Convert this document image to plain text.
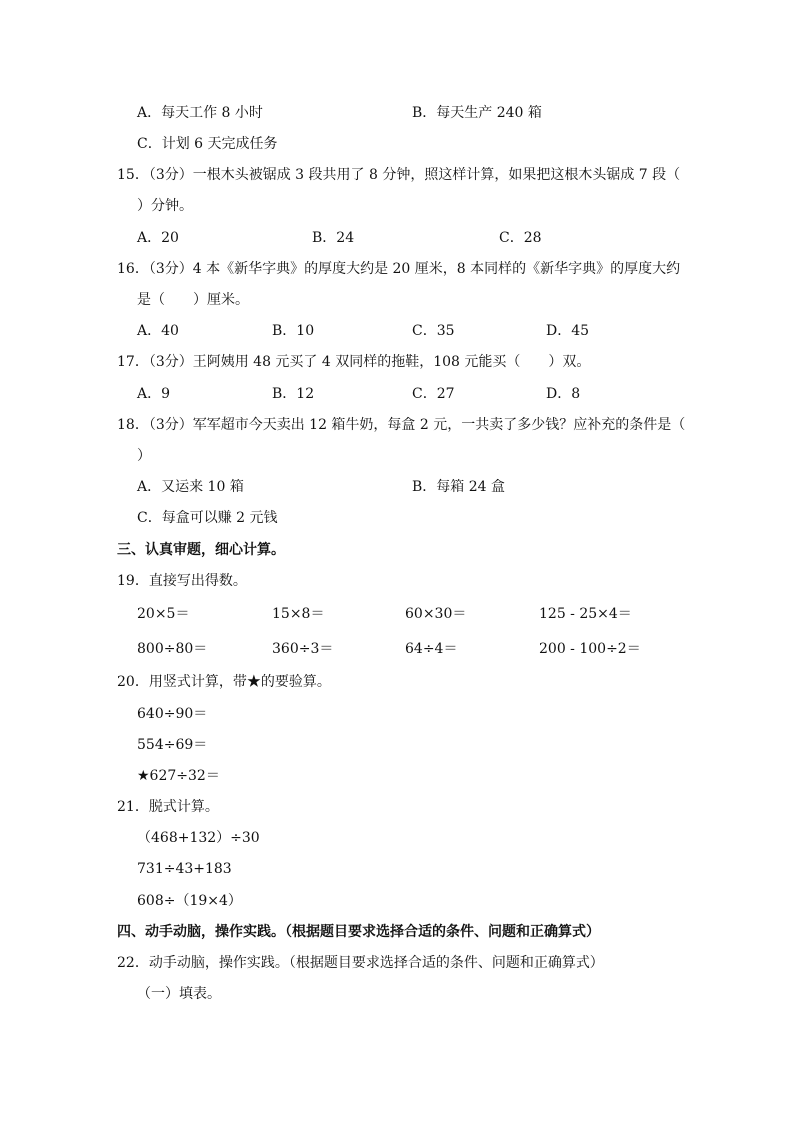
A．每天工作 8 小时	B．每天生产 240 箱
C．计划 6 天完成任务
15．（3分）一根木头被锯成 3 段共用了 8 分钟，照这样计算，如果把这根木头锯成 7 段（
）分钟。
A．20	B．24	C．28
16．（3分）4 本《新华字典》的厚度大约是 20 厘米，8 本同样的《新华字典》的厚度大约
是（　　）厘米。
A．40	B．10	C．35	D．45
17．（3分）王阿姨用 48 元买了 4 双同样的拖鞋，108 元能买（　　）双。
A．9	B．12	C．27	D．8
18．（3分）军军超市今天卖出 12 箱牛奶，每盒 2 元，一共卖了多少钱？应补充的条件是（
）
A．又运来 10 箱	B．每箱 24 盒
C．每盒可以赚 2 元钱
三、认真审题，细心计算。
19．直接写出得数。
20×5＝	15×8＝	60×30＝	125 - 25×4＝
800÷80＝	360÷3＝	64÷4＝	200 - 100÷2＝
20．用竖式计算，带★的要验算。
640÷90＝
554÷69＝
★627÷32＝
21．脱式计算。
（468+132）÷30
731÷43+183
608÷（19×4）
四、动手动脑，操作实践。（根据题目要求选择合适的条件、问题和正确算式）
22．动手动脑，操作实践。（根据题目要求选择合适的条件、问题和正确算式）
（一）填表。
